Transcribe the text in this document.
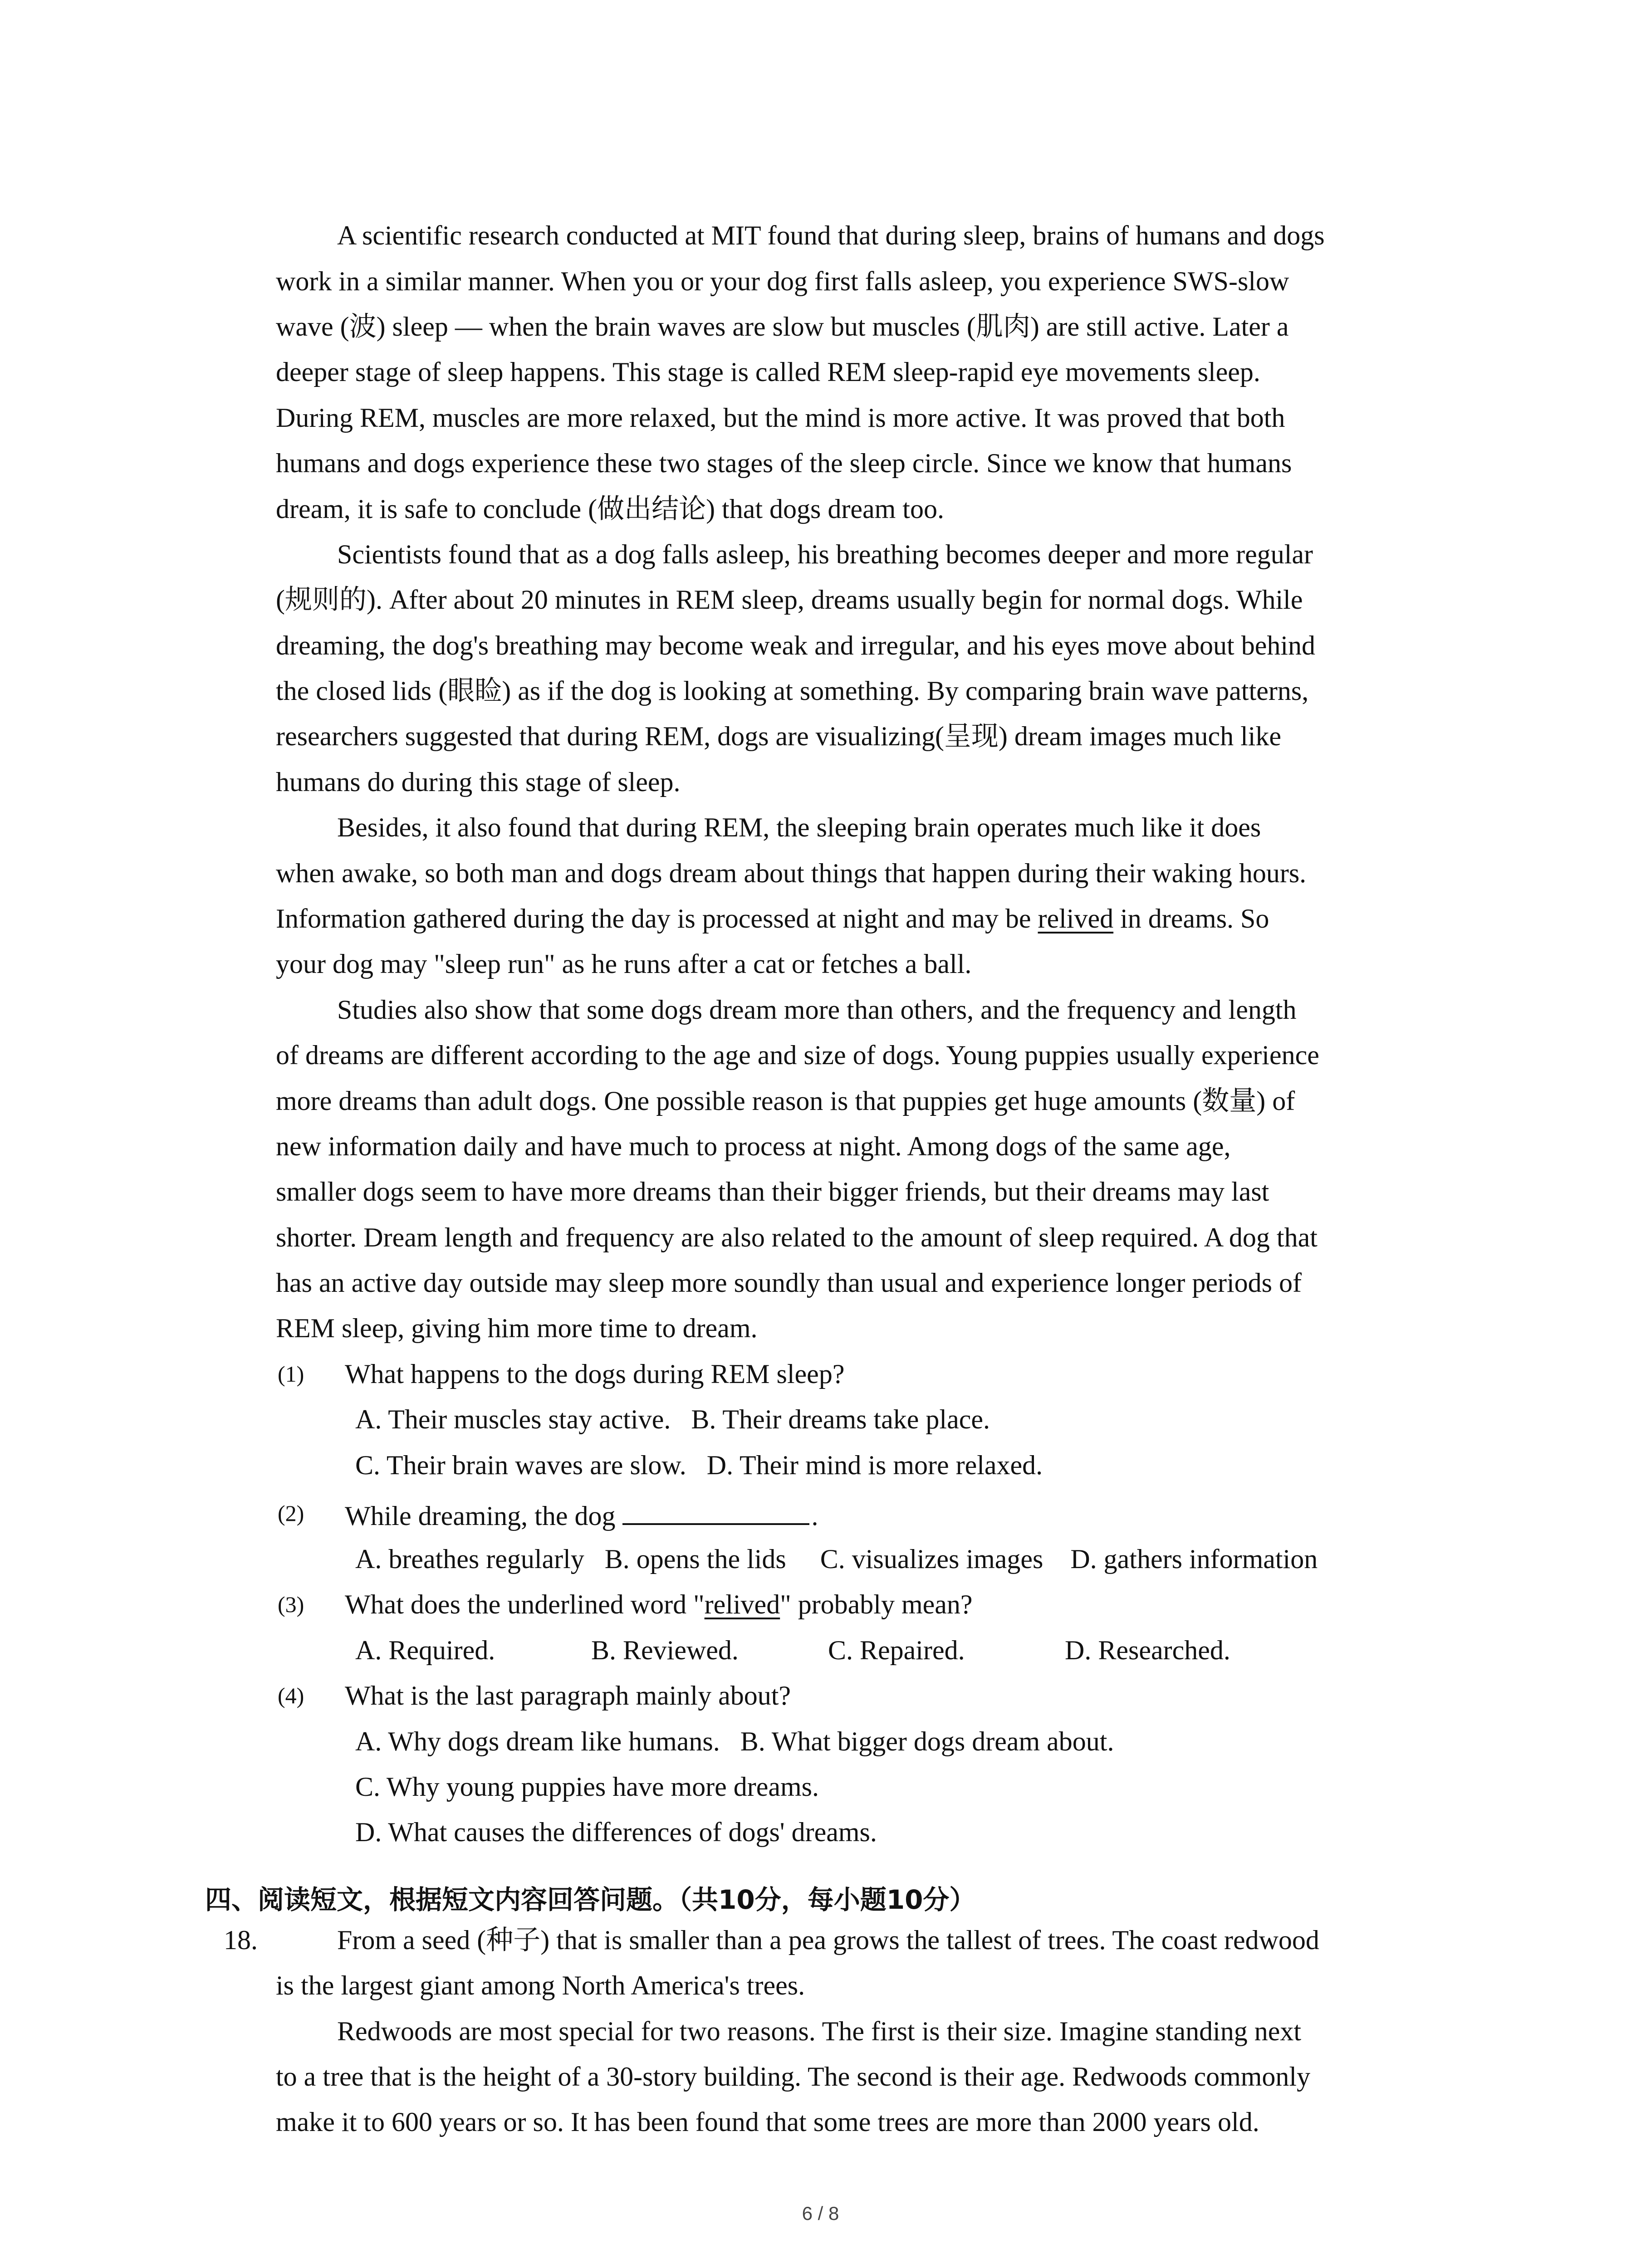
A scientific research conducted at MIT found that during sleep, brains of humans and dogs
work in a similar manner. When you or your dog first falls asleep, you experience SWS-slow
wave (波) sleep — when the brain waves are slow but muscles (肌肉) are still active. Later a
deeper stage of sleep happens. This stage is called REM sleep-rapid eye movements sleep.
During REM, muscles are more relaxed, but the mind is more active. It was proved that both
humans and dogs experience these two stages of the sleep circle. Since we know that humans
dream, it is safe to conclude (做出结论) that dogs dream too.
Scientists found that as a dog falls asleep, his breathing becomes deeper and more regular
(规则的). After about 20 minutes in REM sleep, dreams usually begin for normal dogs. While
dreaming, the dog's breathing may become weak and irregular, and his eyes move about behind
the closed lids (眼睑) as if the dog is looking at something. By comparing brain wave patterns,
researchers suggested that during REM, dogs are visualizing(呈现) dream images much like
humans do during this stage of sleep.
Besides, it also found that during REM, the sleeping brain operates much like it does
when awake, so both man and dogs dream about things that happen during their waking hours.
Information gathered during the day is processed at night and may be relived in dreams. So
your dog may "sleep run" as he runs after a cat or fetches a ball.
Studies also show that some dogs dream more than others, and the frequency and length
of dreams are different according to the age and size of dogs. Young puppies usually experience
more dreams than adult dogs. One possible reason is that puppies get huge amounts (数量) of
new information daily and have much to process at night. Among dogs of the same age,
smaller dogs seem to have more dreams than their bigger friends, but their dreams may last
shorter. Dream length and frequency are also related to the amount of sleep required. A dog that
has an active day outside may sleep more soundly than usual and experience longer periods of
REM sleep, giving him more time to dream.
(1) What happens to the dogs during REM sleep?
A. Their muscles stay active.   B. Their dreams take place.
C. Their brain waves are slow.   D. Their mind is more relaxed.
(2) While dreaming, the dog	.
A. breathes regularly   B. opens the lids     C. visualizes images    D. gathers information
(3) What does the underlined word "relived" probably mean?
A. Required.	B. Reviewed.	C. Repaired.	D. Researched.
(4) What is the last paragraph mainly about?
A. Why dogs dream like humans.   B. What bigger dogs dream about.
C. Why young puppies have more dreams.
D. What causes the differences of dogs' dreams.
四、阅读短文，根据短文内容回答问题。（共10分，每小题10分）
18.	From a seed (种子) that is smaller than a pea grows the tallest of trees. The coast redwood
is the largest giant among North America's trees.
Redwoods are most special for two reasons. The first is their size. Imagine standing next
to a tree that is the height of a 30-story building. The second is their age. Redwoods commonly
make it to 600 years or so. It has been found that some trees are more than 2000 years old.
6 / 8
